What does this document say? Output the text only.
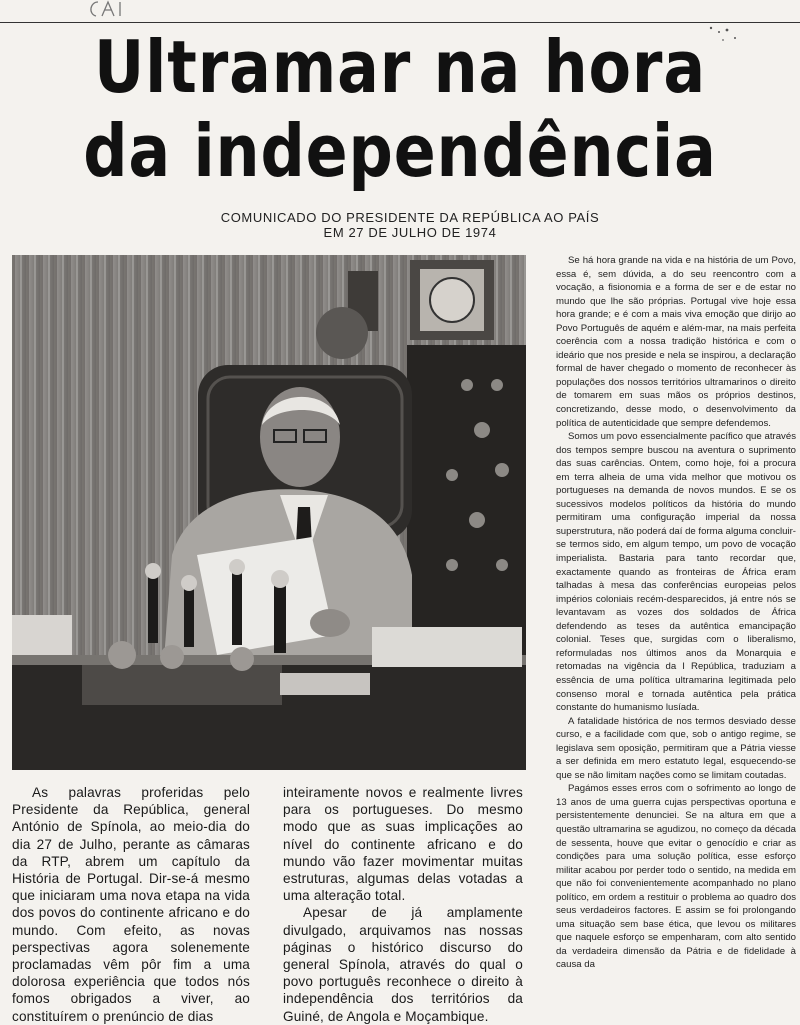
Ultramar na hora
da independência
COMUNICADO DO PRESIDENTE DA REPÚBLICA AO PAÍS
EM 27 DE JULHO DE 1974

Se há hora grande na vida e na história de um Povo, essa é, sem dúvida, a do seu reencontro com a vocação, a fisionomia e a forma de ser e de estar no mundo que lhe são próprias. Portugal vive hoje essa hora grande; e é com a mais viva emoção que dirijo ao Povo Português de aquém e além-mar, na mais perfeita coerência com a nossa tradição histórica e com o ideário que nos preside e nela se inspirou, a declaração formal de haver chegado o momento de reconhecer às populações dos nossos territórios ultramarinos o direito de tomarem em suas mãos os próprios destinos, concretizando, desse modo, o desenvolvimento da política de autenticidade que sempre defendemos.

Somos um povo essencialmente pacífico que através dos tempos sempre buscou na aventura o suprimento das suas carências. Ontem, como hoje, foi a procura em terra alheia de uma vida melhor que motivou os portugueses na demanda de novos mundos. E se os sucessivos modelos políticos da história do mundo permitiram uma configuração imperial da nossa superstrutura, não poderá daí de forma alguma concluir-se termos sido, em algum tempo, um povo de vocação imperialista. Bastaria para tanto recordar que, exactamente quando as fronteiras de África eram talhadas à mesa das conferências europeias pelos impérios coloniais recém-desparecidos, já entre nós se levantavam as vozes dos soldados de África defendendo as teses da autêntica emancipação colonial. Teses que, surgidas com o liberalismo, reformuladas nos últimos anos da Monarquia e retomadas na vigência da I República, traduziam a essência de uma política ultramarina legitimada pelo consenso moral e tornada autêntica pela prática constante do humanismo lusíada.

A fatalidade histórica de nos termos desviado desse curso, e a facilidade com que, sob o antigo regime, se legislava sem oposição, permitiram que a Pátria viesse a ser definida em mero estatuto legal, esquecendo-se que se não limitam nações como se limitam coutadas.

Pagámos esses erros com o sofrimento ao longo de 13 anos de uma guerra cujas perspectivas oportuna e persistentemente denunciei. Se na altura em que a questão ultramarina se agudizou, no começo da década de sessenta, houve que evitar o genocídio e criar as condições para uma solução política, esse esforço militar acabou por perder todo o sentido, na medida em que não foi convenientemente acompanhado no plano político, em ordem a restituir o problema ao quadro dos seus verdadeiros factores. E assim se foi prolongando uma situação sem base ética, que levou os militares que naquele esforço se empenharam, com alto sentido da verdadeira dimensão da Pátria e de fidelidade à causa da

As palavras proferidas pelo Presidente da República, general António de Spínola, ao meio-dia do dia 27 de Julho, perante as câmaras da RTP, abrem um capítulo da História de Portugal. Dir-se-á mesmo que iniciaram uma nova etapa na vida dos povos do continente africano e do mundo. Com efeito, as novas perspectivas agora solenemente proclamadas vêm pôr fim a uma dolorosa experiência que todos nós fomos obrigados a viver, ao constituírem o prenúncio de dias

inteiramente novos e realmente livres para os portugueses. Do mesmo modo que as suas implicações ao nível do continente africano e do mundo vão fazer movimentar muitas estruturas, algumas delas votadas a uma alteração total.

Apesar de já amplamente divulgado, arquivamos nas nossas páginas o histórico discurso do general Spínola, através do qual o povo português reconhece o direito à independência dos territórios da Guiné, de Angola e Moçambique.
